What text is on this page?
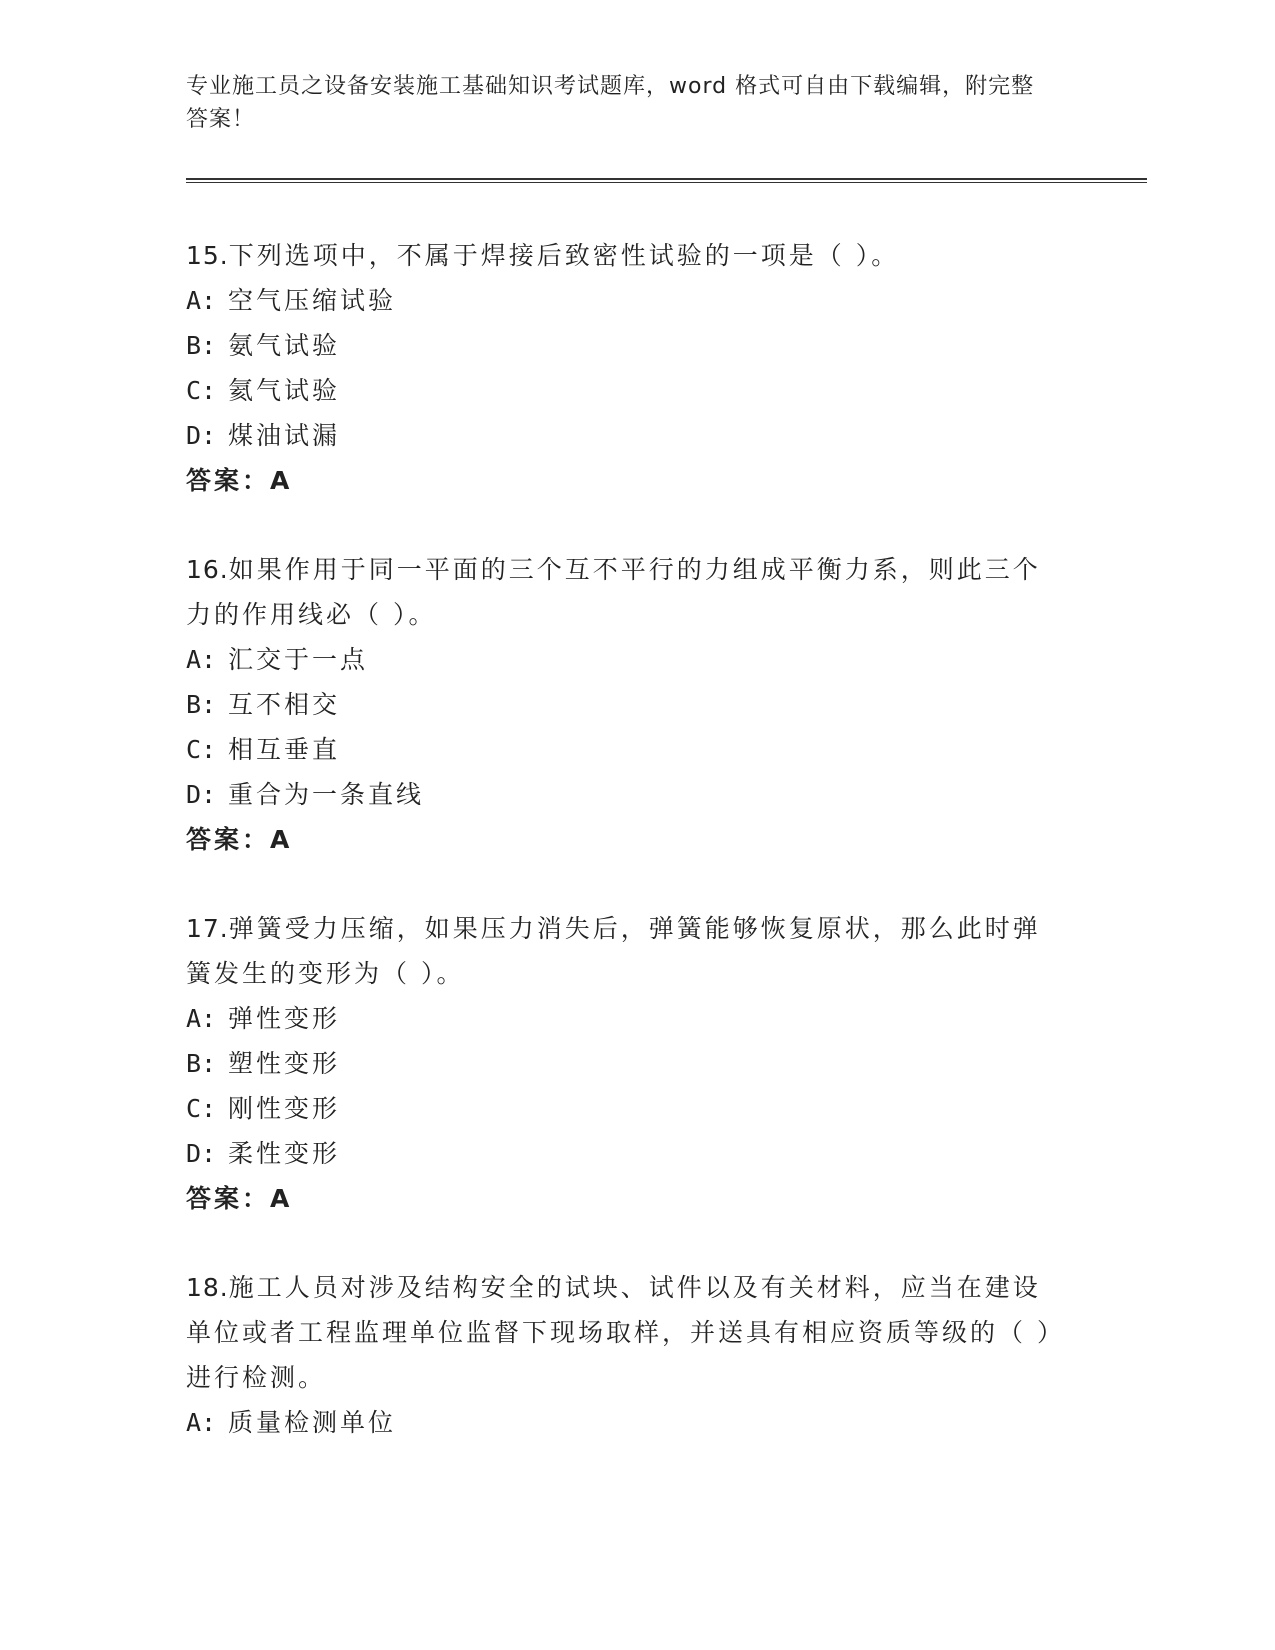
专业施工员之设备安装施工基础知识考试题库，word 格式可自由下载编辑，附完整答案！
15.下列选项中，不属于焊接后致密性试验的一项是（ ）。
A: 空气压缩试验
B: 氨气试验
C: 氦气试验
D: 煤油试漏
答案：A
16.如果作用于同一平面的三个互不平行的力组成平衡力系，则此三个力的作用线必（ ）。
A: 汇交于一点
B: 互不相交
C: 相互垂直
D: 重合为一条直线
答案：A
17.弹簧受力压缩，如果压力消失后，弹簧能够恢复原状，那么此时弹簧发生的变形为（ ）。
A: 弹性变形
B: 塑性变形
C: 刚性变形
D: 柔性变形
答案：A
18.施工人员对涉及结构安全的试块、试件以及有关材料，应当在建设单位或者工程监理单位监督下现场取样，并送具有相应资质等级的（ ）进行检测。
A: 质量检测单位
